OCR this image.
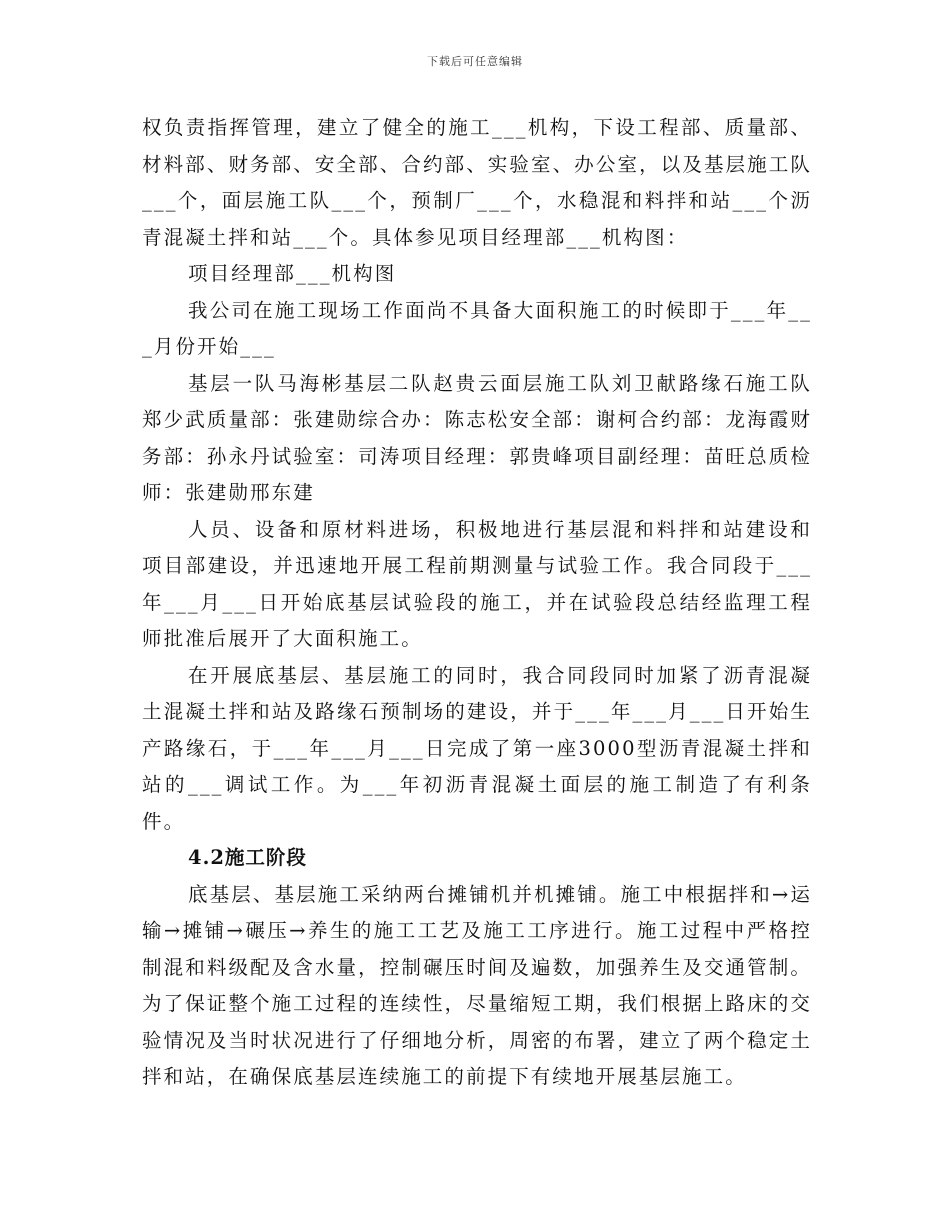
下载后可任意编辑

权负责指挥管理，建立了健全的施工___机构，下设工程部、质量部、材料部、财务部、安全部、合约部、实验室、办公室，以及基层施工队___个，面层施工队___个，预制厂___个，水稳混和料拌和站___个沥青混凝土拌和站___个。具体参见项目经理部___机构图：

项目经理部___机构图

我公司在施工现场工作面尚不具备大面积施工的时候即于___年___月份开始___

基层一队马海彬基层二队赵贵云面层施工队刘卫献路缘石施工队郑少武质量部：张建勋综合办：陈志松安全部：谢柯合约部：龙海霞财务部：孙永丹试验室：司涛项目经理：郭贵峰项目副经理：苗旺总质检师：张建勋邢东建

人员、设备和原材料进场，积极地进行基层混和料拌和站建设和项目部建设，并迅速地开展工程前期测量与试验工作。我合同段于___年___月___日开始底基层试验段的施工，并在试验段总结经监理工程师批准后展开了大面积施工。

在开展底基层、基层施工的同时，我合同段同时加紧了沥青混凝土混凝土拌和站及路缘石预制场的建设，并于___年___月___日开始生产路缘石，于___年___月___日完成了第一座3000型沥青混凝土拌和站的___调试工作。为___年初沥青混凝土面层的施工制造了有利条件。

4.2施工阶段

底基层、基层施工采纳两台摊铺机并机摊铺。施工中根据拌和→运输→摊铺→碾压→养生的施工工艺及施工工序进行。施工过程中严格控制混和料级配及含水量，控制碾压时间及遍数，加强养生及交通管制。为了保证整个施工过程的连续性，尽量缩短工期，我们根据上路床的交验情况及当时状况进行了仔细地分析，周密的布署，建立了两个稳定土拌和站，在确保底基层连续施工的前提下有续地开展基层施工。
